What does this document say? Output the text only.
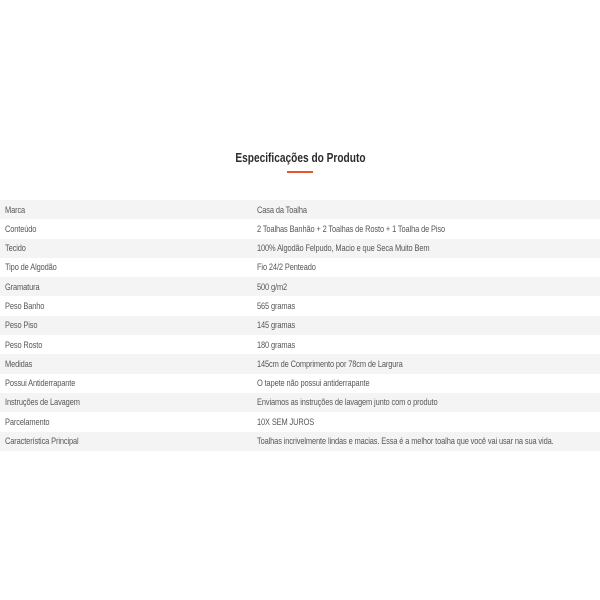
Especificações do Produto
Marca	Casa da Toalha
Conteúdo	2 Toalhas Banhão + 2 Toalhas de Rosto + 1 Toalha de Piso
Tecido	100% Algodão Felpudo, Macio e que Seca Muito Bem
Tipo de Algodão	Fio 24/2 Penteado
Gramatura	500 g/m2
Peso Banho	565 gramas
Peso Piso	145 gramas
Peso Rosto	180 gramas
Medidas	145cm de Comprimento por 78cm de Largura
Possui Antiderrapante	O tapete não possui antiderrapante
Instruções de Lavagem	Enviamos as instruções de lavagem junto com o produto
Parcelamento	10X SEM JUROS
Característica Principal	Toalhas incrivelmente lindas e macias. Essa é a melhor toalha que você vai usar na sua vida.
